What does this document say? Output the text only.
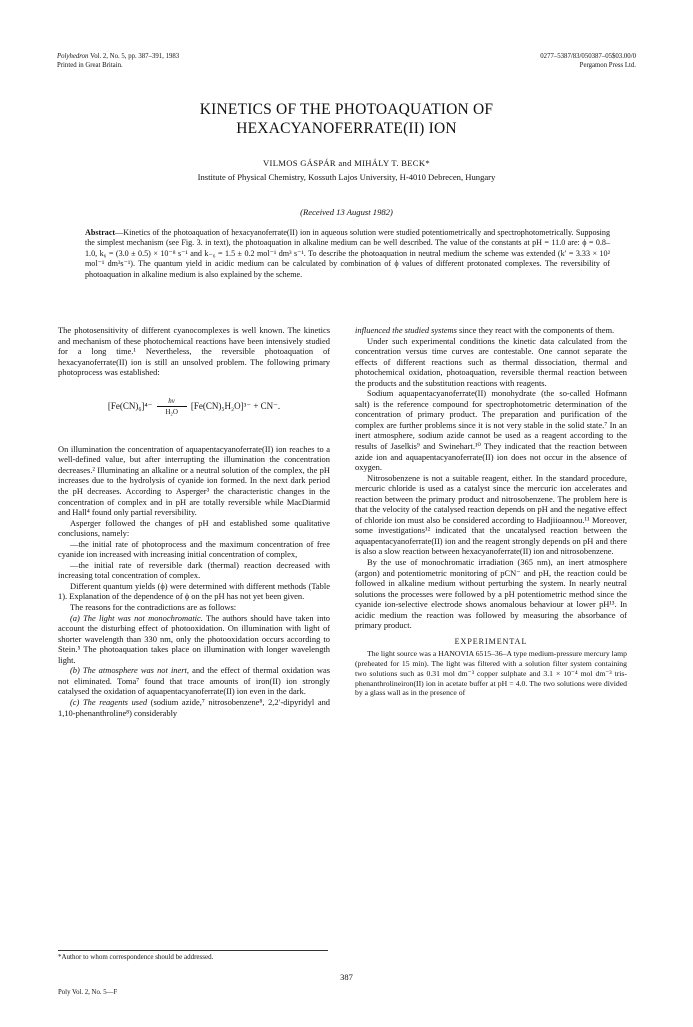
Polyhedron Vol. 2, No. 5, pp. 387–391, 1983
Printed in Great Britain.
0277–5387/83/050387–05$03.00/0
Pergamon Press Ltd.
KINETICS OF THE PHOTOAQUATION OF
HEXACYANOFERRATE(II) ION
VILMOS GÁSPÁR and MIHÁLY T. BECK*
Institute of Physical Chemistry, Kossuth Lajos University, H-4010 Debrecen, Hungary
(Received 13 August 1982)
Abstract—Kinetics of the photoaquation of hexacyanoferrate(II) ion in aqueous solution were studied potentiometrically and spectrophotometrically. Supposing the simplest mechanism (see Fig. 3. in text), the photoaquation in alkaline medium can be well described. The value of the constants at pH = 11.0 are: ϕ = 0.8–1.0, k₆ = (3.0 ± 0.5) × 10⁻⁸ s⁻¹ and k₋₆ = 1.5 ± 0.2 mol⁻¹ dm³ s⁻¹. To describe the photoaquation in neutral medium the scheme was extended (k′ = 3.33 × 10² mol⁻¹ dm³s⁻¹). The quantum yield in acidic medium can be calculated by combination of ϕ values of different protonated complexes. The reversibility of photoaquation in alkaline medium is also explained by the scheme.

The photosensitivity of different cyanocomplexes is well known. The kinetics and mechanism of these photochemical reactions have been intensively studied for a long time.¹ Nevertheless, the reversible photoaquation of hexacyanoferrate(II) ion is still an unsolved problem. The following primary photoprocess was established:

$[Fe(CN)_6]^{4-} \frac{h\nu}{\text{H₂O}} [Fe(CN)_5H_2O]^{3-} + CN^-$.

On illumination the concentration of aquapentacyanoferrate(II) ion reaches to a well-defined value, but after interrupting the illumination the concentration decreases.² Illuminating an alkaline or a neutral solution of the complex, the pH increases due to the hydrolysis of cyanide ion formed. In the next dark period the pH decreases. According to Asperger³ the characteristic changes in the concentration of complex and in pH are totally reversible while MacDiarmid and Hall⁴ found only partial reversibility.

Asperger followed the changes of pH and established some qualitative conclusions, namely:

—the initial rate of photoprocess and the maximum concentration of free cyanide ion increased with increasing initial concentration of complex,

—the initial rate of reversible dark (thermal) reaction decreased with increasing total concentration of complex.

Different quantum yields (ϕ) were determined with different methods (Table 1). Explanation of the dependence of ϕ on the pH has not yet been given.

The reasons for the contradictions are as follows:

(a) The light was not monochromatic. The authors should have taken into account the disturbing effect of photooxidation. On illumination with light of shorter wavelength than 330 nm, only the photooxidation occurs according to Stein.⁵ The photoaquation takes place on illumination with longer wavelength light.

(b) The atmosphere was not inert, and the effect of thermal oxidation was not eliminated. Toma⁷ found that trace amounts of iron(II) ion strongly catalysed the oxidation of aquapentacyanoferrate(II) ion even in the dark.

(c) The reagents used (sodium azide,⁷ nitrosobenzene⁸, 2,2′-dipyridyl and 1,10-phenanthroline⁸) considerably

influenced the studied systems since they react with the components of them.

Under such experimental conditions the kinetic data calculated from the concentration versus time curves are contestable. One cannot separate the effects of different reactions such as thermal dissociation, thermal and photochemical oxidation, photoaquation, reversible thermal reaction between the products and the substitution reactions with reagents.

Sodium aquapentacyanoferrate(II) monohydrate (the so-called Hofmann salt) is the reference compound for spectrophotometric determination of the concentration of primary product. The preparation and purification of the complex are further problems since it is not very stable in the solid state.⁷ In an inert atmosphere, sodium azide cannot be used as a reagent according to the results of Jaselkis⁹ and Swinehart.¹⁰ They indicated that the reaction between azide ion and aquapentacyanoferrate(II) ion does not occur in the absence of oxygen.

Nitrosobenzene is not a suitable reagent, either. In the standard procedure, mercuric chloride is used as a catalyst since the mercuric ion accelerates and reaction between the primary product and nitrosobenzene. The problem here is that the velocity of the catalysed reaction depends on pH and the negative effect of chloride ion must also be considered according to Hadjiioannou.¹¹ Moreover, some investigations¹² indicated that the uncatalysed reaction between the aquapentacyanoferrate(II) ion and the reagent strongly depends on pH and there is also a slow reaction between hexacyanoferrate(II) ion and nitrosobenzene.

By the use of monochromatic irradiation (365 nm), an inert atmosphere (argon) and potentiometric monitoring of pCN⁻ and pH, the reaction could be followed in alkaline medium without perturbing the system. In nearly neutral solutions the processes were followed by a pH potentiometric method since the cyanide ion-selective electrode shows anomalous behaviour at lower pH¹³. In acidic medium the reaction was followed by measuring the absorbance of primary product.

EXPERIMENTAL

The light source was a HANOVIA 6515–36–A type medium-pressure mercury lamp (preheated for 15 min). The light was filtered with a solution filter system containing two solutions such as 0.31 mol dm⁻³ copper sulphate and 3.1 × 10⁻⁴ mol dm⁻³ tris-phenanthrolineiron(II) ion in acetate buffer at pH = 4.0. The two solutions were divided by a glass wall as in the presence of

*Author to whom correspondence should be addressed.
387
Poly Vol. 2, No. 5—F
